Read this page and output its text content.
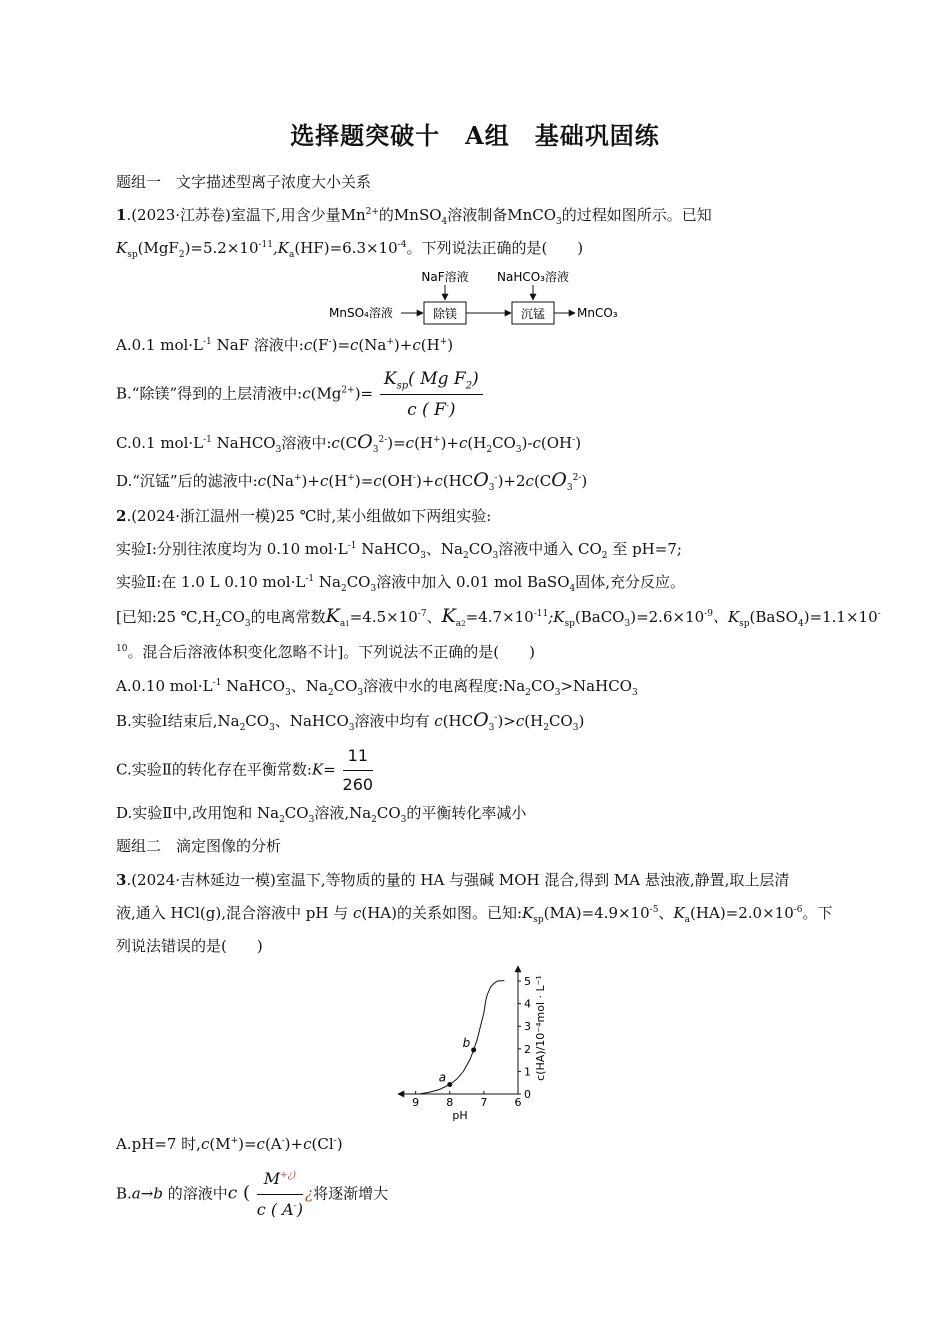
选择题突破十　A组　基础巩固练
题组一　文字描述型离子浓度大小关系
1.(2023·江苏卷)室温下,用含少量$Mn^{2+}$的MnSO$_4$溶液制备MnCO$_3$的过程如图所示。已知
$K_{sp}(MgF_2)=5.2\times 10^{-11},K_a(HF)=6.3\times 10^{-4}$。下列说法正确的是(　　)
NaF溶液 NaHCO₃溶液
MnSO₄溶液	除镁	沉锰	MnCO₃
A.0.1 $mol\cdot L^{-1}$ NaF 溶液中:c(F-)=c(Na+)+c(H+)
B.“除镁”得到的上层清液中$:c(Mg^{2+})= \frac{K_{sp}( Mg F_2)}{c ( F^-)}$
C.0.1 $mol\cdot L^{-1}$ NaHCO$_3$溶液中$:c(CO_3^{2-})=c(H^+)+c(H_2CO_3)-c(OH^-)$
D.“沉锰”后的滤液中$:c(Na^+)+c(H^+)=c(OH^-)+c(HCO_3^-)+2c(CO_3^{2-})$
2.(2024·浙江温州一模)25 ℃时,某小组做如下两组实验:
实验Ⅰ:分别往浓度均为 0.10 $mol\cdot L^{-1}$ NaHCO$_3$、$Na_2CO_3$溶液中通入 $CO_2$ 至 pH=7;
实验Ⅱ:在 1.0 L 0.10 $mol\cdot L^{-1}$ $Na_2CO_3$溶液中加入 0.01 mol BaSO$_4$固体,充分反应。
[已知:25 $℃,H_2CO_3$的电离常数$K_{a1}=4.5\times 10^{-7}$、$K_{a2}=4.7\times 10^{-11};K_{sp}(BaCO_3)=2.6\times 10^{-9}$、$K_{sp}(BaSO_4)=1.1\times 10^-$
$^{10}$。混合后溶液体积变化忽略不计]。下列说法不正确的是(　　)
A.0.10 $mol\cdot L^{-1}$ NaHCO$_3$、$Na_2CO_3$溶液中水的电离程度$:Na_2CO_3>NaHCO_3$
B.实验Ⅰ结束后$,Na_2CO_3$、NaHCO$_3$溶液中均有 $c(HCO_3^-)>c(H_2CO_3)$
C.实验Ⅱ的转化存在平衡常数:K= $\frac{11}{260}$
D.实验Ⅱ中,改用饱和 $Na_2CO_3$溶液$,Na_2CO_3$的平衡转化率减小
题组二　滴定图像的分析
3.(2024·吉林延边一模)室温下,等物质的量的 HA 与强碱 MOH 混合,得到 MA 悬浊液,静置,取上层清
液,通入 HCl(g),混合溶液中 pH 与 c(HA)的关系如图。已知$:K_{sp}(MA)=4.9\times 10^{-5}$、$K_a(HA)=2.0\times 10^{-6}$。下
列说法错误的是(　　)
9 8 7 6
0
1
2
3
4
5
a
b
pH
c(HA)/10⁻⁴mol · L⁻¹
A.pH=7 时,c(M+)=c(A-)+c(Cl-)
B.a→b 的溶液中c ( $\frac{M^{+¿)}}{c ( A^-)}$ ¿将逐渐增大
